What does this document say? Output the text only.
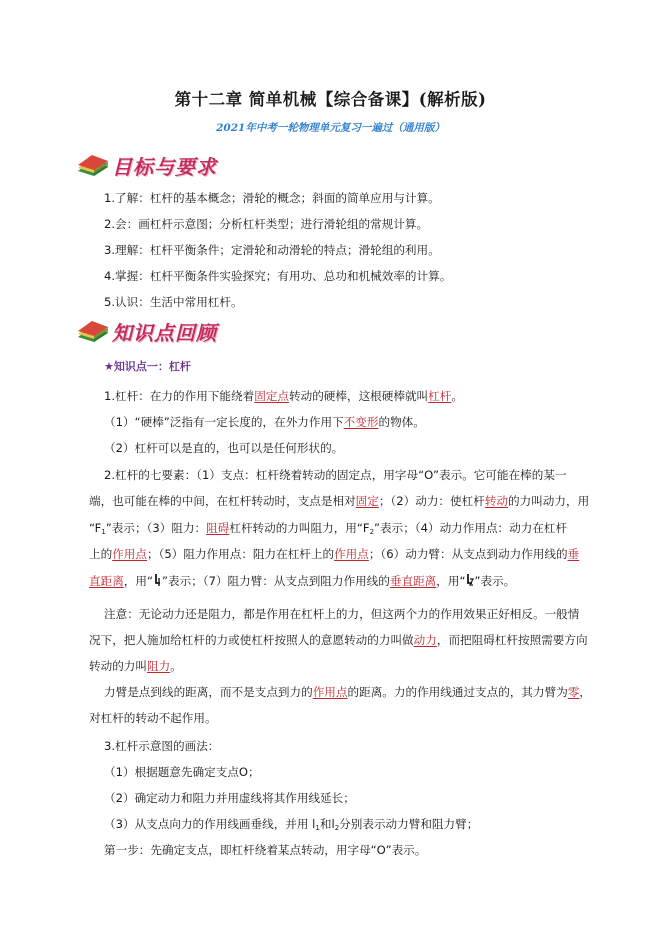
第十二章 简单机械【综合备课】(解析版)
2021年中考一轮物理单元复习一遍过（通用版）
目标与要求
1.了解：杠杆的基本概念；滑轮的概念；斜面的简单应用与计算。
2.会：画杠杆示意图；分析杠杆类型；进行滑轮组的常规计算。
3.理解：杠杆平衡条件；定滑轮和动滑轮的特点；滑轮组的利用。
4.掌握：杠杆平衡条件实验探究；有用功、总功和机械效率的计算。
5.认识：生活中常用杠杆。
知识点回顾
★知识点一：杠杆
1.杠杆：在力的作用下能绕着固定点转动的硬棒，这根硬棒就叫杠杆。
（1）“硬棒”泛指有一定长度的，在外力作用下不变形的物体。
（2）杠杆可以是直的，也可以是任何形状的。
2.杠杆的七要素：（1）支点：杠杆绕着转动的固定点，用字母“O”表示。它可能在棒的某一
端，也可能在棒的中间，在杠杆转动时，支点是相对固定；（2）动力：使杠杆转动的力叫动力，用
“$F_1$”表示；（3）阻力：阻碍杠杆转动的力叫阻力，用“$F_2$”表示；（4）动力作用点：动力在杠杆
上的作用点；（5）阻力作用点：阻力在杠杆上的作用点；（6）动力臂：从支点到动力作用线的垂
直距离，用“ ”表示；（7）阻力臂：从支点到阻力作用线的垂直距离，用“ ”表示。
注意：无论动力还是阻力，都是作用在杠杆上的力，但这两个力的作用效果正好相反。一般情
况下，把人施加给杠杆的力或使杠杆按照人的意愿转动的力叫做动力，而把阻碍杠杆按照需要方向
转动的力叫阻力。
力臂是点到线的距离，而不是支点到力的作用点的距离。力的作用线通过支点的，其力臂为零，
对杠杆的转动不起作用。
3.杠杆示意图的画法：
（1）根据题意先确定支点O；
（2）确定动力和阻力并用虚线将其作用线延长；
（3）从支点向力的作用线画垂线，并用 $l_1$和$l_2$分别表示动力臂和阻力臂；
第一步：先确定支点，即杠杆绕着某点转动，用字母“O”表示。
